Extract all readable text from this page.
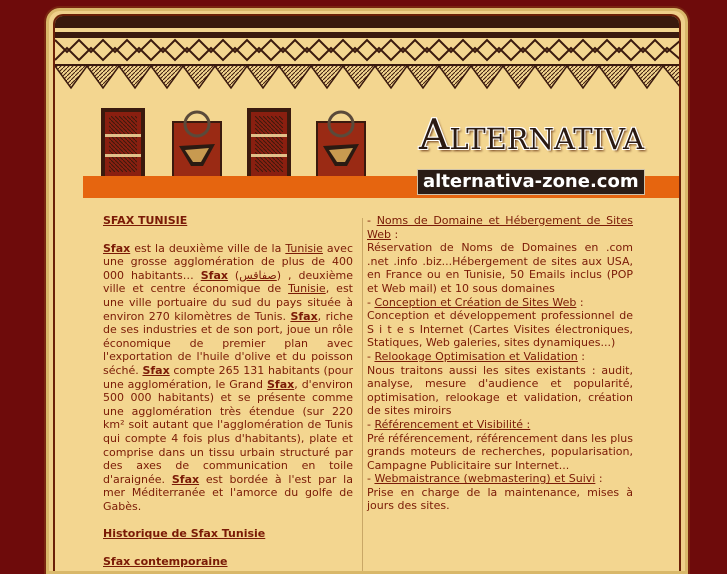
Alternativa
alternativa-zone.com

SFAX TUNISIE

Sfax est la deuxième ville de la Tunisie avec une grosse agglomération de plus de 400 000 habitants… Sfax (صفاقس) , deuxième ville et centre économique de Tunisie, est une ville portuaire du sud du pays située à environ 270 kilomètres de Tunis. Sfax, riche de ses industries et de son port, joue un rôle économique de premier plan avec l'exportation de l'huile d'olive et du poisson séché. Sfax compte 265 131 habitants (pour une agglomération, le Grand Sfax, d'environ 500 000 habitants) et se présente comme une agglomération très étendue (sur 220 km² soit autant que l'agglomération de Tunis qui compte 4 fois plus d'habitants), plate et comprise dans un tissu urbain structuré par des axes de communication en toile d'araignée. Sfax est bordée à l'est par la mer Méditerranée et l'amorce du golfe de Gabès.

Historique de Sfax Tunisie

Sfax contemporaine

- Noms de Domaine et Hébergement de Sites Web :

Réservation de Noms de Domaines en .com .net .info .biz...Hébergement de sites aux USA, en France ou en Tunisie, 50 Emails inclus (POP et Web mail) et 10 sous domaines

- Conception et Création de Sites Web :

Conception et développement professionnel de S i t e s Internet (Cartes Visites électroniques, Statiques, Web galeries, sites dynamiques...)

- Relookage Optimisation et Validation :

Nous traitons aussi les sites existants : audit, analyse, mesure d'audience et popularité, optimisation, relookage et validation, création de sites miroirs

- Référencement et Visibilité :

Pré référencement, référencement dans les plus grands moteurs de recherches, popularisation, Campagne Publicitaire sur Internet...

- Webmaistrance (webmastering) et Suivi :

Prise en charge de la maintenance, mises à jours des sites.
